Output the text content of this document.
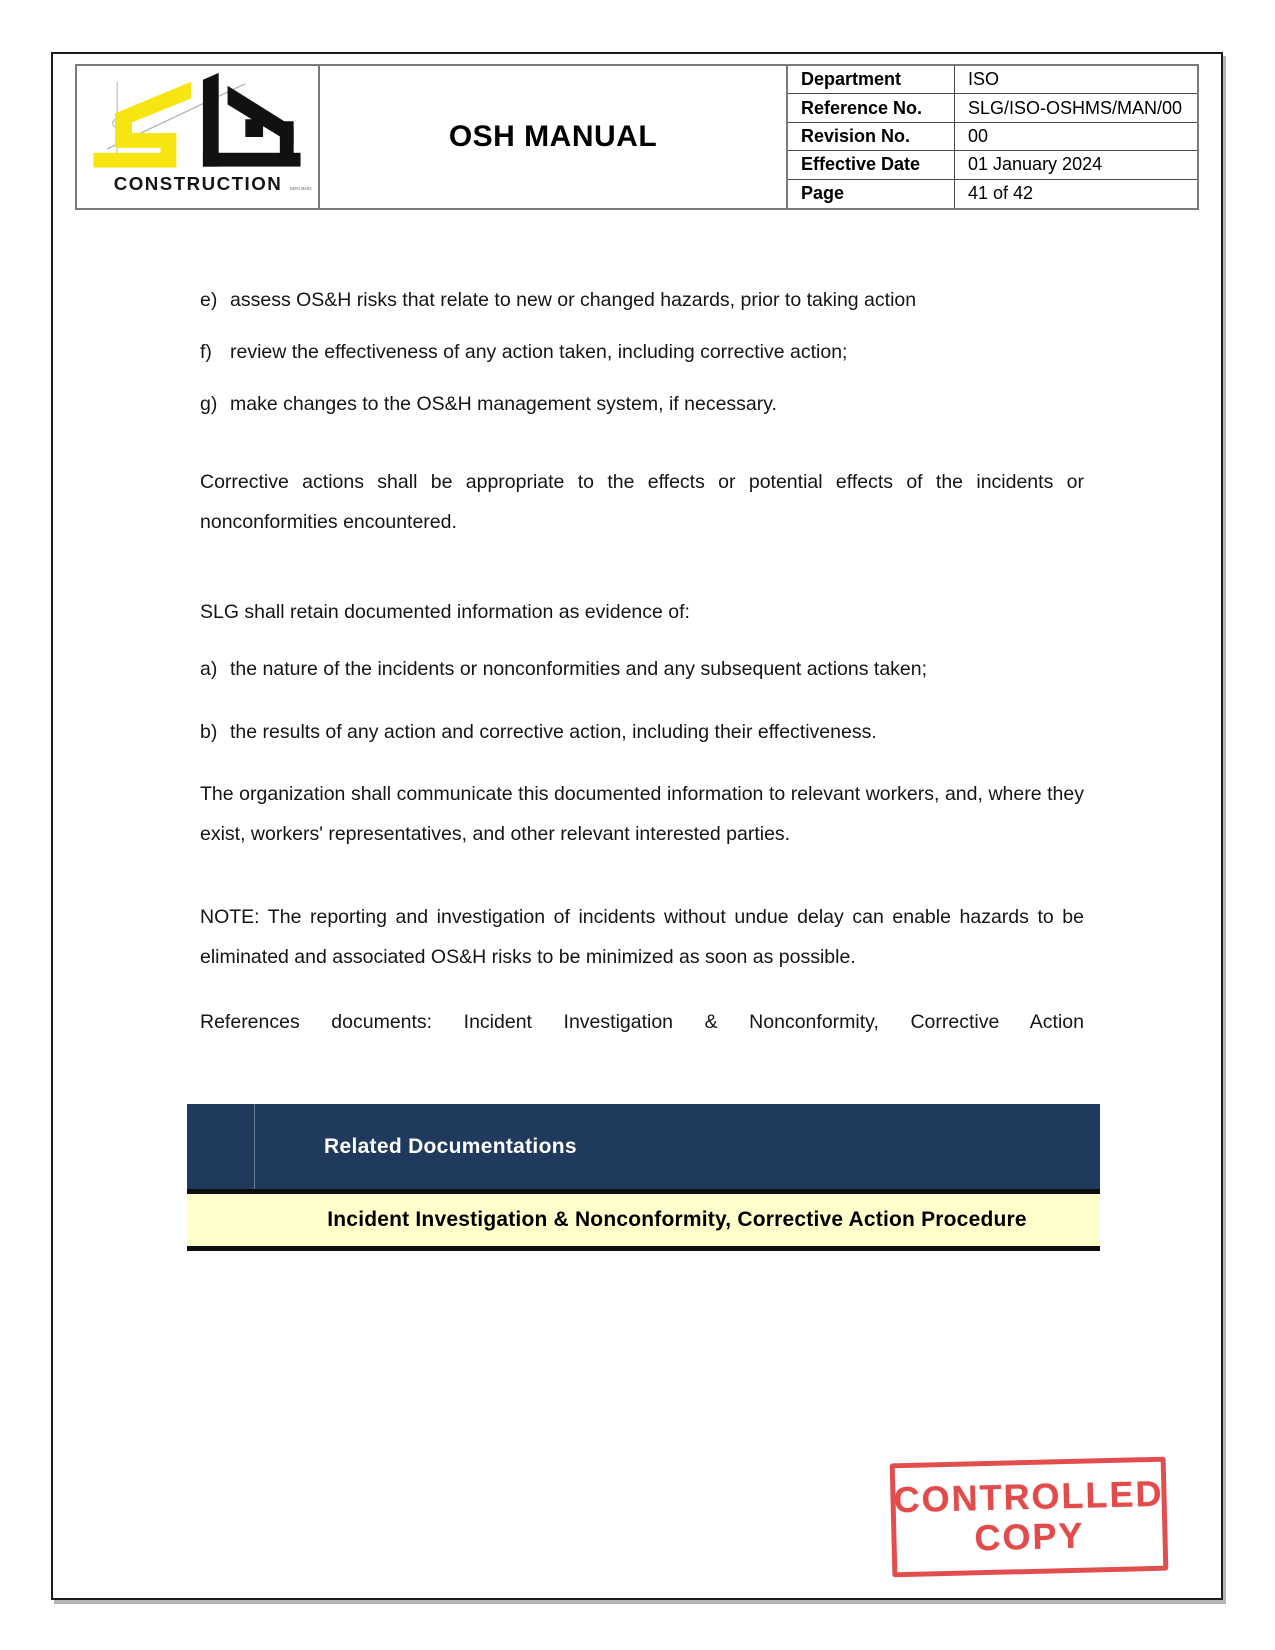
CONSTRUCTION SDN BHD
OSH MANUAL
Department	ISO
Reference No.	SLG/ISO-OSHMS/MAN/00
Revision No.	00
Effective Date	01 January 2024
Page	41 of 42
e) assess OS&H risks that relate to new or changed hazards, prior to taking action
f) review the effectiveness of any action taken, including corrective action;
g) make changes to the OS&H management system, if necessary.
Corrective actions shall be appropriate to the effects or potential effects of the incidents or nonconformities encountered.
SLG shall retain documented information as evidence of:
a) the nature of the incidents or nonconformities and any subsequent actions taken;
b) the results of any action and corrective action, including their effectiveness.
The organization shall communicate this documented information to relevant workers, and, where they exist, workers' representatives, and other relevant interested parties.
NOTE: The reporting and investigation of incidents without undue delay can enable hazards to be eliminated and associated OS&H risks to be minimized as soon as possible.
References documents: Incident Investigation & Nonconformity, Corrective Action
Related Documentations
Incident Investigation & Nonconformity, Corrective Action Procedure
CONTROLLED
COPY
